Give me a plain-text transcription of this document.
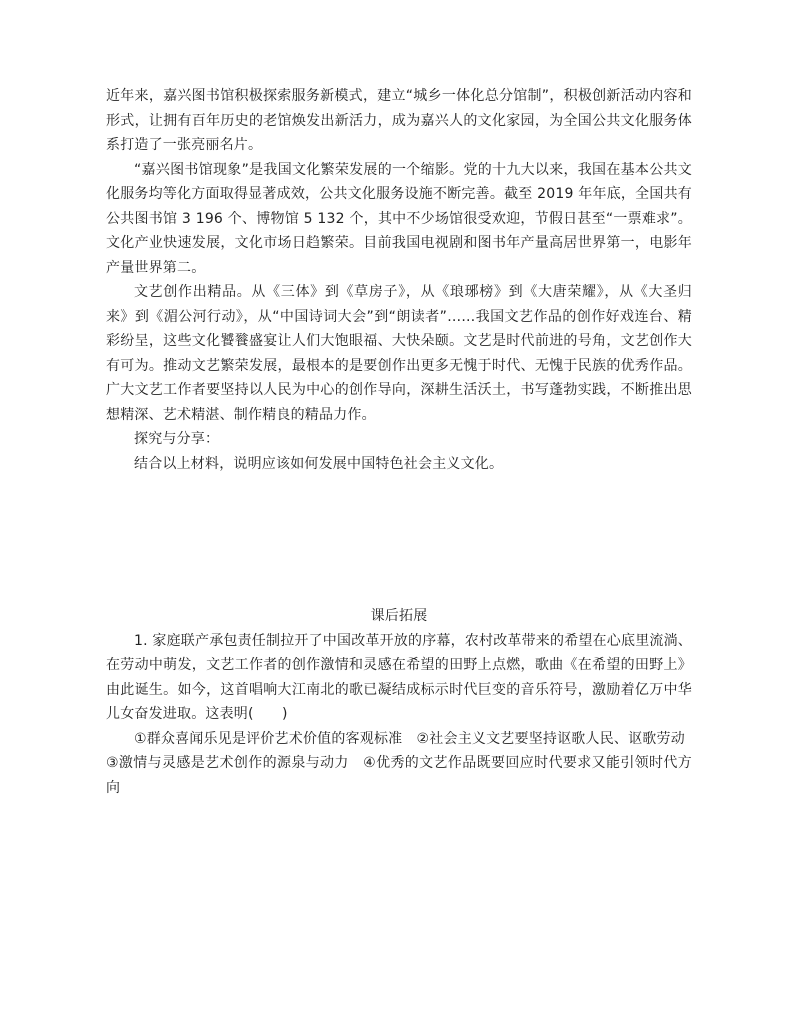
近年来，嘉兴图书馆积极探索服务新模式，建立“城乡一体化总分馆制”，积极创新活动内容和形式，让拥有百年历史的老馆焕发出新活力，成为嘉兴人的文化家园，为全国公共文化服务体系打造了一张亮丽名片。

“嘉兴图书馆现象”是我国文化繁荣发展的一个缩影。党的十九大以来，我国在基本公共文化服务均等化方面取得显著成效，公共文化服务设施不断完善。截至 2019 年年底，全国共有公共图书馆 3 196 个、博物馆 5 132 个，其中不少场馆很受欢迎，节假日甚至“一票难求”。文化产业快速发展，文化市场日趋繁荣。目前我国电视剧和图书年产量高居世界第一，电影年产量世界第二。

文艺创作出精品。从《三体》到《草房子》，从《琅琊榜》到《大唐荣耀》，从《大圣归来》到《湄公河行动》，从“中国诗词大会”到“朗读者”……我国文艺作品的创作好戏连台、精彩纷呈，这些文化饕餮盛宴让人们大饱眼福、大快朵颐。文艺是时代前进的号角，文艺创作大有可为。推动文艺繁荣发展，最根本的是要创作出更多无愧于时代、无愧于民族的优秀作品。广大文艺工作者要坚持以人民为中心的创作导向，深耕生活沃土，书写蓬勃实践，不断推出思想精深、艺术精湛、制作精良的精品力作。

探究与分享：

结合以上材料，说明应该如何发展中国特色社会主义文化。

课后拓展

1. 家庭联产承包责任制拉开了中国改革开放的序幕，农村改革带来的希望在心底里流淌、在劳动中萌发，文艺工作者的创作激情和灵感在希望的田野上点燃，歌曲《在希望的田野上》由此诞生。如今，这首唱响大江南北的歌已凝结成标示时代巨变的音乐符号，激励着亿万中华儿女奋发进取。这表明(　　)

①群众喜闻乐见是评价艺术价值的客观标准　②社会主义文艺要坚持讴歌人民、讴歌劳动

③激情与灵感是艺术创作的源泉与动力　④优秀的文艺作品既要回应时代要求又能引领时代方向
